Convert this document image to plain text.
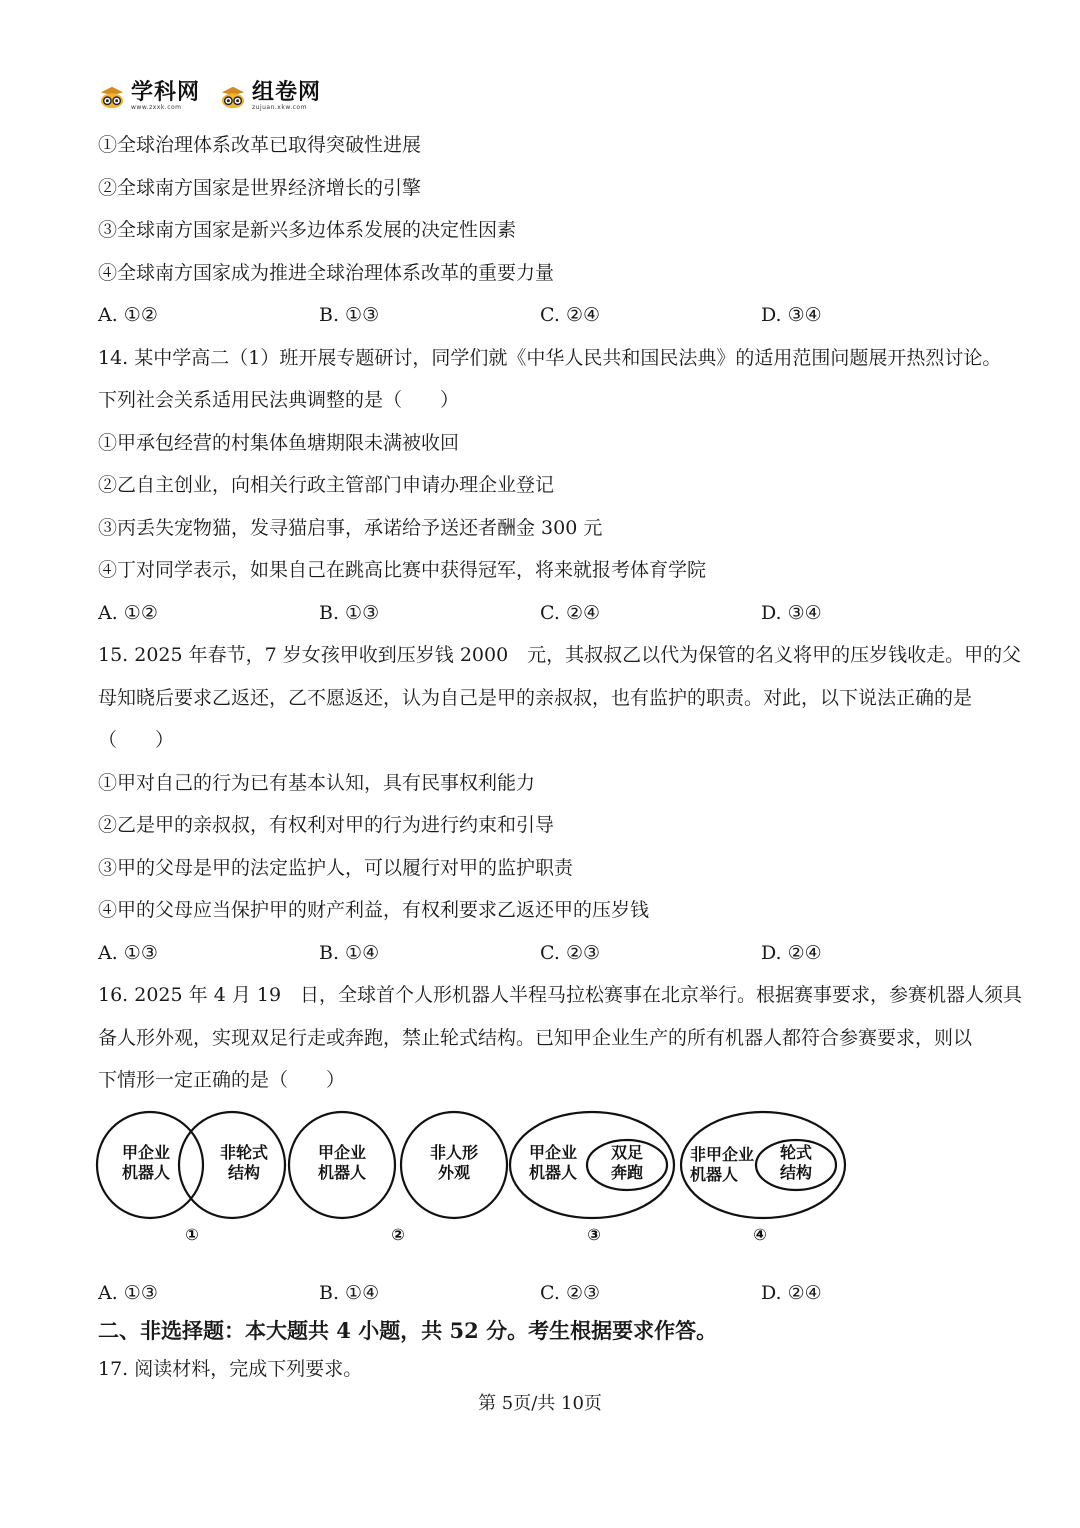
学科网
www.zxxk.com
组卷网
zujuan.xkw.com
①全球治理体系改革已取得突破性进展
②全球南方国家是世界经济增长的引擎
③全球南方国家是新兴多边体系发展的决定性因素
④全球南方国家成为推进全球治理体系改革的重要力量
A. ①②	B. ①③	C. ②④	D. ③④
14. 某中学高二（1）班开展专题研讨，同学们就《中华人民共和国民法典》的适用范围问题展开热烈讨论。
下列社会关系适用民法典调整的是（　　）
①甲承包经营的村集体鱼塘期限未满被收回
②乙自主创业，向相关行政主管部门申请办理企业登记
③丙丢失宠物猫，发寻猫启事，承诺给予送还者酬金 300 元
④丁对同学表示，如果自己在跳高比赛中获得冠军，将来就报考体育学院
A. ①②	B. ①③	C. ②④	D. ③④
15. 2025 年春节，7 岁女孩甲收到压岁钱 2000　元，其叔叔乙以代为保管的名义将甲的压岁钱收走。甲的父
母知晓后要求乙返还，乙不愿返还，认为自己是甲的亲叔叔，也有监护的职责。对此，以下说法正确的是
（　　）
①甲对自己的行为已有基本认知，具有民事权利能力
②乙是甲的亲叔叔，有权利对甲的行为进行约束和引导
③甲的父母是甲的法定监护人，可以履行对甲的监护职责
④甲的父母应当保护甲的财产利益，有权利要求乙返还甲的压岁钱
A. ①③	B. ①④	C. ②③	D. ②④
16. 2025 年 4 月 19　日，全球首个人形机器人半程马拉松赛事在北京举行。根据赛事要求，参赛机器人须具
备人形外观，实现双足行走或奔跑，禁止轮式结构。已知甲企业生产的所有机器人都符合参赛要求，则以
下情形一定正确的是（　　）
甲企业
机器人
非轮式
结构
①
甲企业
机器人
非人形
外观
②
甲企业
机器人
双足
奔跑
③
非甲企业
机器人
轮式
结构
④
A. ①③	B. ①④	C. ②③	D. ②④
二、非选择题：本大题共 4 小题，共 52 分。考生根据要求作答。
17. 阅读材料，完成下列要求。
第 5页/共 10页
